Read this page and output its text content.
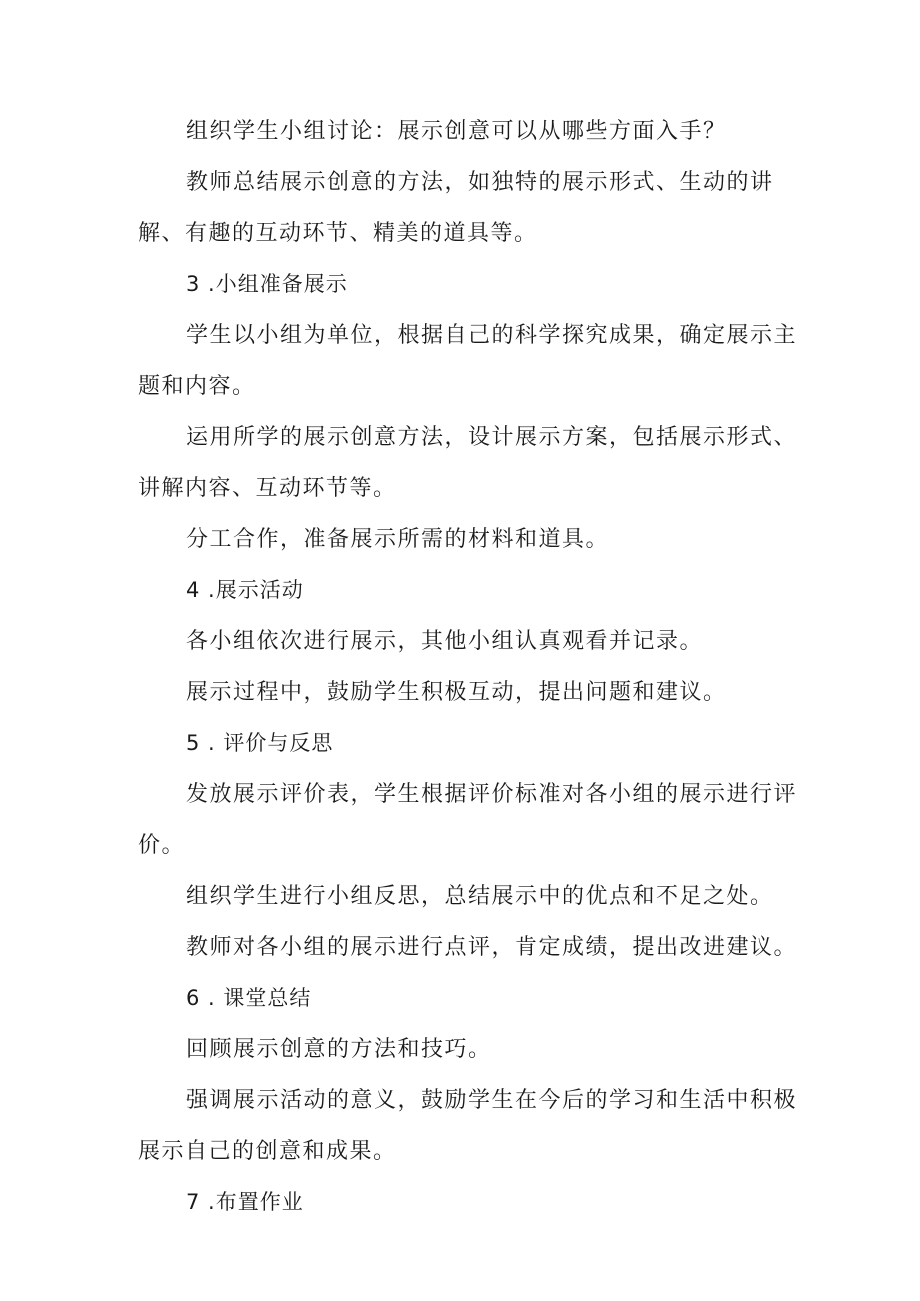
组织学生小组讨论：展示创意可以从哪些方面入手？

教师总结展示创意的方法，如独特的展示形式、生动的讲解、有趣的互动环节、精美的道具等。

3 .小组准备展示

学生以小组为单位，根据自己的科学探究成果，确定展示主题和内容。

运用所学的展示创意方法，设计展示方案，包括展示形式、讲解内容、互动环节等。

分工合作，准备展示所需的材料和道具。

4 .展示活动

各小组依次进行展示，其他小组认真观看并记录。

展示过程中，鼓励学生积极互动，提出问题和建议。

5 . 评价与反思

发放展示评价表，学生根据评价标准对各小组的展示进行评价。

组织学生进行小组反思，总结展示中的优点和不足之处。

教师对各小组的展示进行点评，肯定成绩，提出改进建议。

6 . 课堂总结

回顾展示创意的方法和技巧。

强调展示活动的意义，鼓励学生在今后的学习和生活中积极展示自己的创意和成果。

7 .布置作业
